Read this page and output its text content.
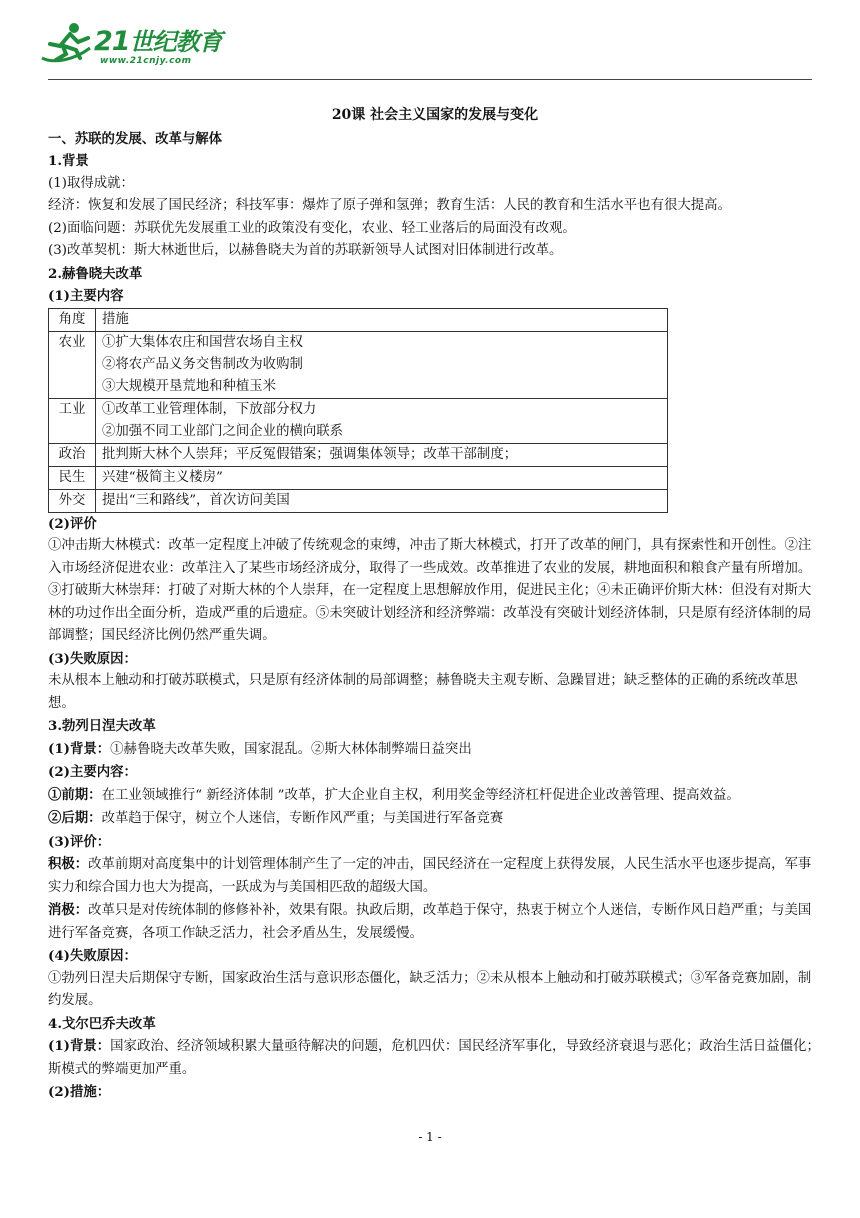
21世纪教育
www.21cnjy.com

20课 社会主义国家的发展与变化

一、苏联的发展、改革与解体

1.背景

(1)取得成就：

经济：恢复和发展了国民经济；科技军事：爆炸了原子弹和氢弹；教育生活：人民的教育和生活水平也有很大提高。

(2)面临问题：苏联优先发展重工业的政策没有变化，农业、轻工业落后的局面没有改观。

(3)改革契机：斯大林逝世后，以赫鲁晓夫为首的苏联新领导人试图对旧体制进行改革。

2.赫鲁晓夫改革

(1)主要内容

角度	措施
农业	①扩大集体农庄和国营农场自主权
②将农产品义务交售制改为收购制
③大规模开垦荒地和种植玉米

工业	①改革工业管理体制，下放部分权力
②加强不同工业部门之间企业的横向联系

政治	批判斯大林个人崇拜；平反冤假错案；强调集体领导；改革干部制度；
民生	兴建“极简主义楼房”
外交	提出“三和路线”，首次访问美国

(2)评价

①冲击斯大林模式：改革一定程度上冲破了传统观念的束缚，冲击了斯大林模式，打开了改革的闸门，具有探索性和开创性。②注入市场经济促进农业：改革注入了某些市场经济成分，取得了一些成效。改革推进了农业的发展，耕地面积和粮食产量有所增加。③打破斯大林崇拜：打破了对斯大林的个人崇拜，在一定程度上思想解放作用，促进民主化；④未正确评价斯大林：但没有对斯大林的功过作出全面分析，造成严重的后遗症。⑤未突破计划经济和经济弊端：改革没有突破计划经济体制，只是原有经济体制的局部调整；国民经济比例仍然严重失调。

(3)失败原因：

未从根本上触动和打破苏联模式，只是原有经济体制的局部调整；赫鲁晓夫主观专断、急躁冒进；缺乏整体的正确的系统改革思想。

3.勃列日涅夫改革

(1)背景：①赫鲁晓夫改革失败，国家混乱。②斯大林体制弊端日益突出

(2)主要内容：

①前期：在工业领域推行“ 新经济体制 ”改革，扩大企业自主权，利用奖金等经济杠杆促进企业改善管理、提高效益。

②后期：改革趋于保守，树立个人迷信，专断作风严重；与美国进行军备竞赛

(3)评价：

积极：改革前期对高度集中的计划管理体制产生了一定的冲击，国民经济在一定程度上获得发展，人民生活水平也逐步提高，军事实力和综合国力也大为提高，一跃成为与美国相匹敌的超级大国。

消极：改革只是对传统体制的修修补补，效果有限。执政后期，改革趋于保守，热衷于树立个人迷信，专断作风日趋严重；与美国进行军备竞赛，各项工作缺乏活力，社会矛盾丛生，发展缓慢。

(4)失败原因：

①勃列日涅夫后期保守专断，国家政治生活与意识形态僵化，缺乏活力；②未从根本上触动和打破苏联模式；③军备竞赛加剧，制约发展。

4.戈尔巴乔夫改革

(1)背景：国家政治、经济领域积累大量亟待解决的问题，危机四伏：国民经济军事化，导致经济衰退与恶化；政治生活日益僵化；斯模式的弊端更加严重。

(2)措施：

- 1 -
